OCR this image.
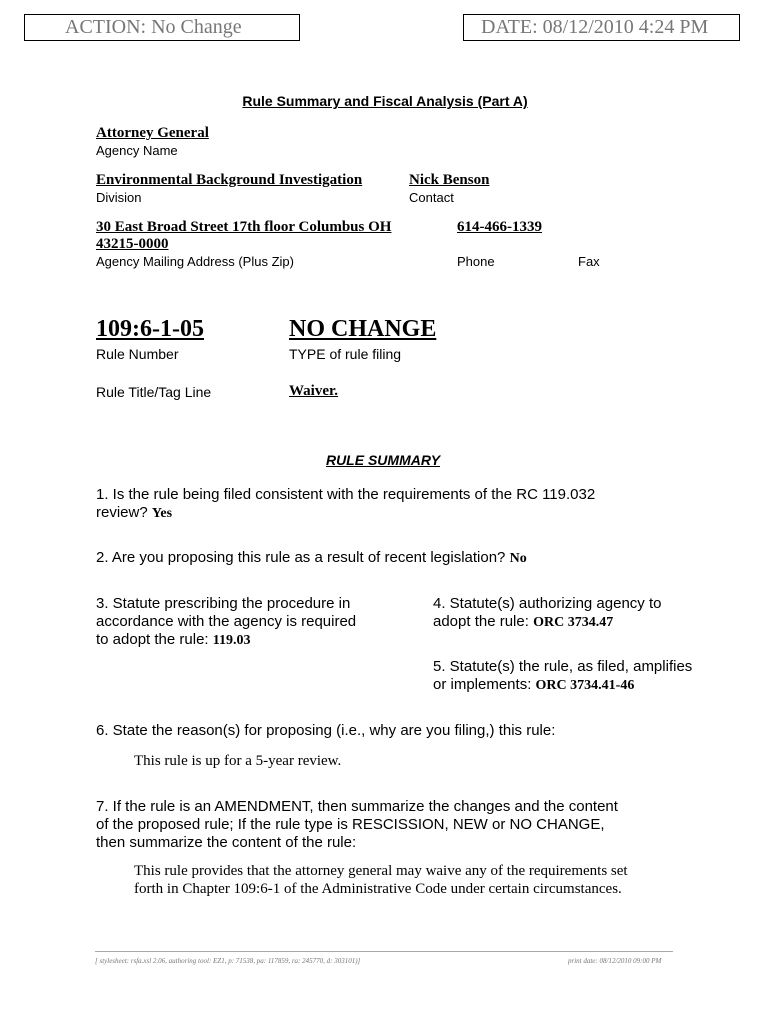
ACTION: No Change	DATE: 08/12/2010 4:24 PM
Rule Summary and Fiscal Analysis (Part A)
Attorney General
Agency Name
Environmental Background Investigation
Division
Nick Benson
Contact
30 East Broad Street 17th floor Columbus OH
43215-0000
Agency Mailing Address (Plus Zip)
614-466-1339
Phone	Fax
109:6-1-05
Rule Number
NO CHANGE
TYPE of rule filing
Rule Title/Tag Line	Waiver.
RULE SUMMARY
1. Is the rule being filed consistent with the requirements of the RC 119.032
review? Yes
2. Are you proposing this rule as a result of recent legislation? No
3. Statute prescribing the procedure in
accordance with the agency is required
to adopt the rule: 119.03
4. Statute(s) authorizing agency to
adopt the rule: ORC 3734.47
5. Statute(s) the rule, as filed, amplifies
or implements: ORC 3734.41-46
6. State the reason(s) for proposing (i.e., why are you filing,) this rule:
This rule is up for a 5-year review.
7. If the rule is an AMENDMENT, then summarize the changes and the content
of the proposed rule; If the rule type is RESCISSION, NEW or NO CHANGE,
then summarize the content of the rule:
This rule provides that the attorney general may waive any of the requirements set
forth in Chapter 109:6-1 of the Administrative Code under certain circumstances.
[ stylesheet: rsfa.xsl 2.06, authoring tool: EZ1, p: 71538, pa: 117859, ra: 245770, d: 303101)]	print date: 08/12/2010 09:00 PM
